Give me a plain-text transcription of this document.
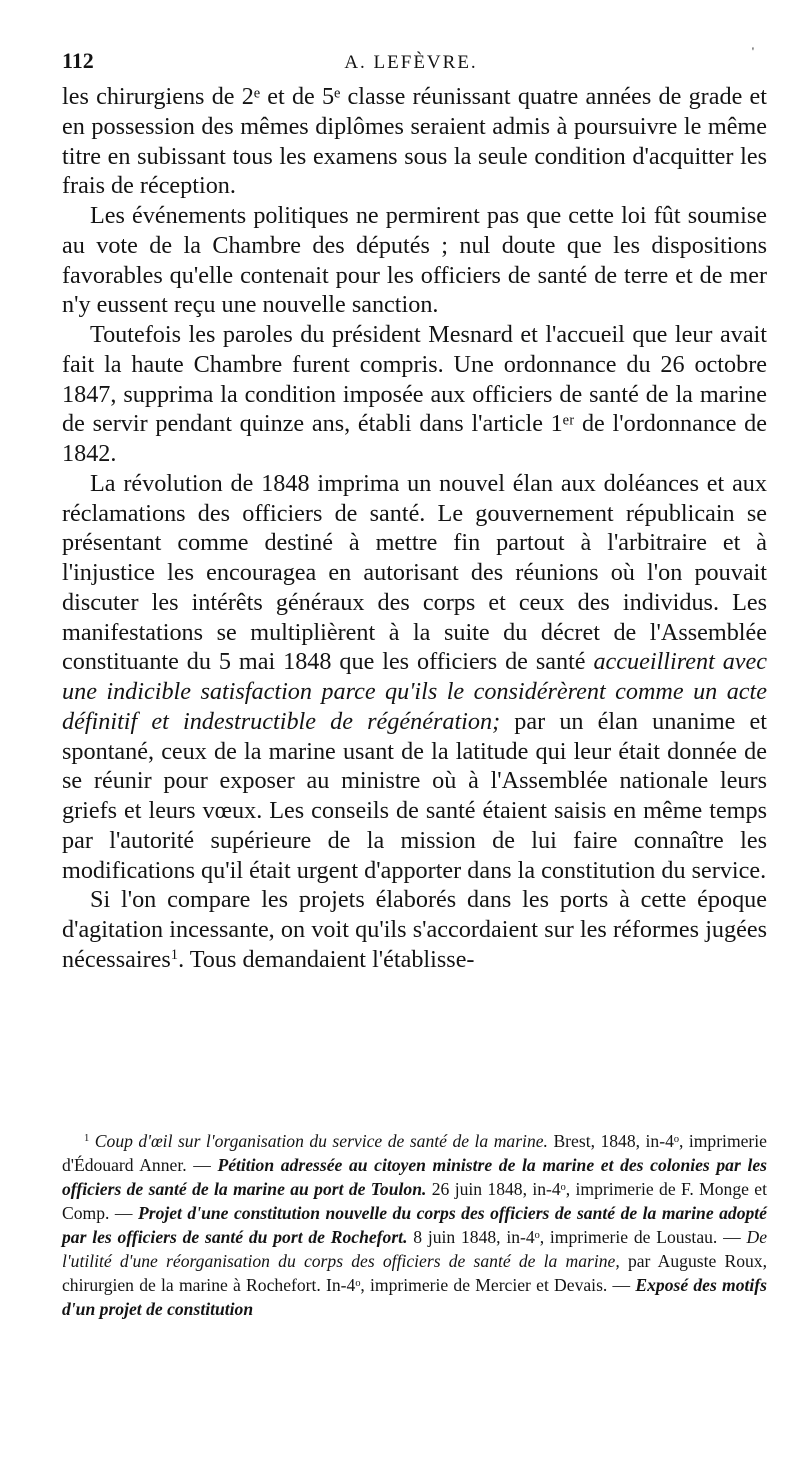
112	A. LEFÈVRE.
'

les chirurgiens de 2ᵉ et de 5ᵉ classe réunissant quatre années de grade et en possession des mêmes diplômes seraient admis à poursuivre le même titre en subissant tous les examens sous la seule condition d'acquitter les frais de réception.

Les événements politiques ne permirent pas que cette loi fût soumise au vote de la Chambre des députés ; nul doute que les dispositions favorables qu'elle contenait pour les officiers de santé de terre et de mer n'y eussent reçu une nouvelle sanction.

Toutefois les paroles du président Mesnard et l'accueil que leur avait fait la haute Chambre furent compris. Une ordonnance du 26 octobre 1847, supprima la condition imposée aux officiers de santé de la marine de servir pendant quinze ans, établi dans l'article 1ᵉʳ de l'ordonnance de 1842.

La révolution de 1848 imprima un nouvel élan aux doléances et aux réclamations des officiers de santé. Le gouvernement républicain se présentant comme destiné à mettre fin partout à l'arbitraire et à l'injustice les encouragea en autorisant des réunions où l'on pouvait discuter les intérêts généraux des corps et ceux des individus. Les manifestations se multiplièrent à la suite du décret de l'Assemblée constituante du 5 mai 1848 que les officiers de santé accueillirent avec une indicible satisfaction parce qu'ils le considérèrent comme un acte définitif et indestructible de régénération; par un élan unanime et spontané, ceux de la marine usant de la latitude qui leur était donnée de se réunir pour exposer au ministre où à l'Assemblée nationale leurs griefs et leurs vœux. Les conseils de santé étaient saisis en même temps par l'autorité supérieure de la mission de lui faire connaître les modifications qu'il était urgent d'apporter dans la constitution du service.

Si l'on compare les projets élaborés dans les ports à cette époque d'agitation incessante, on voit qu'ils s'accordaient sur les réformes jugées nécessaires$^1$. Tous demandaient l'établisse-

$^1$ Coup d'œil sur l'organisation du service de santé de la marine. Brest, 1848, in-4ᵒ, imprimerie d'Édouard Anner. — Pétition adressée au citoyen ministre de la marine et des colonies par les officiers de santé de la marine au port de Toulon. 26 juin 1848, in-4ᵒ, imprimerie de F. Monge et Comp. — Projet d'une constitution nouvelle du corps des officiers de santé de la marine adopté par les officiers de santé du port de Rochefort. 8 juin 1848, in-4ᵒ, imprimerie de Loustau. — De l'utilité d'une réorganisation du corps des officiers de santé de la marine, par Auguste Roux, chirurgien de la marine à Rochefort. In-4ᵒ, imprimerie de Mercier et Devais. — Exposé des motifs d'un projet de constitution
